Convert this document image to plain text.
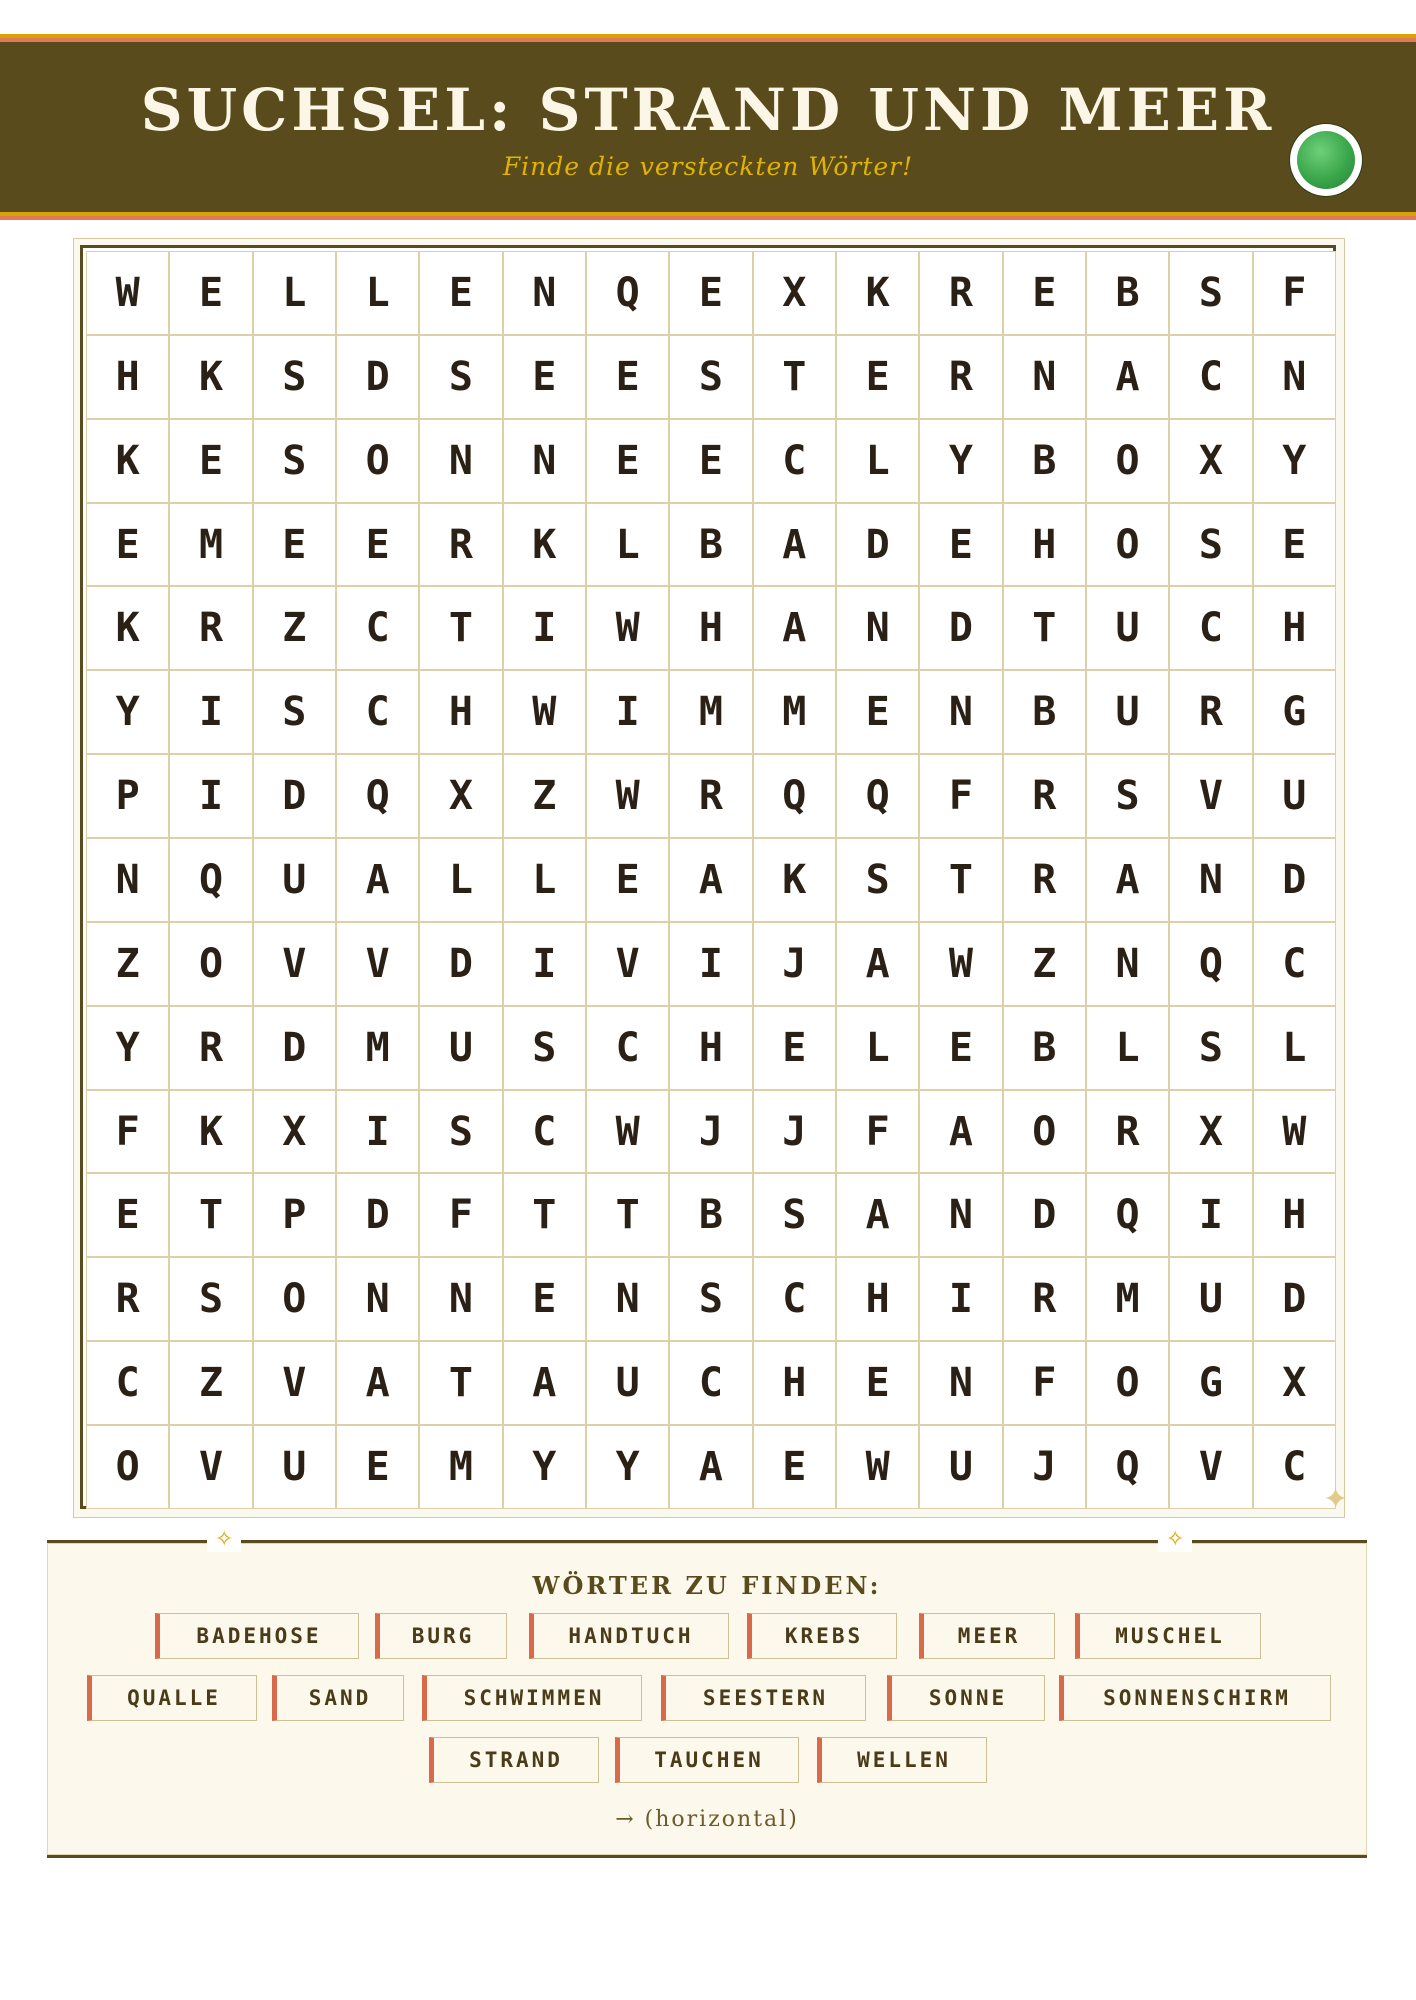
SUCHSEL: STRAND UND MEER
Finde die versteckten Wörter!
W	E	L	L	E	N	Q	E	X	K	R	E	B	S	F
H	K	S	D	S	E	E	S	T	E	R	N	A	C	N
K	E	S	O	N	N	E	E	C	L	Y	B	O	X	Y
E	M	E	E	R	K	L	B	A	D	E	H	O	S	E
K	R	Z	C	T	I	W	H	A	N	D	T	U	C	H
Y	I	S	C	H	W	I	M	M	E	N	B	U	R	G
P	I	D	Q	X	Z	W	R	Q	Q	F	R	S	V	U
N	Q	U	A	L	L	E	A	K	S	T	R	A	N	D
Z	O	V	V	D	I	V	I	J	A	W	Z	N	Q	C
Y	R	D	M	U	S	C	H	E	L	E	B	L	S	L
F	K	X	I	S	C	W	J	J	F	A	O	R	X	W
E	T	P	D	F	T	T	B	S	A	N	D	Q	I	H
R	S	O	N	N	E	N	S	C	H	I	R	M	U	D
C	Z	V	A	T	A	U	C	H	E	N	F	O	G	X
O	V	U	E	M	Y	Y	A	E	W	U	J	Q	V	C
✦
✧	✧
WÖRTER ZU FINDEN:
→ (horizontal)
BADEHOSE	BURG	HANDTUCH	KREBS	MEER	MUSCHEL
QUALLE	SAND	SCHWIMMEN	SEESTERN	SONNE	SONNENSCHIRM
STRAND	TAUCHEN	WELLEN
